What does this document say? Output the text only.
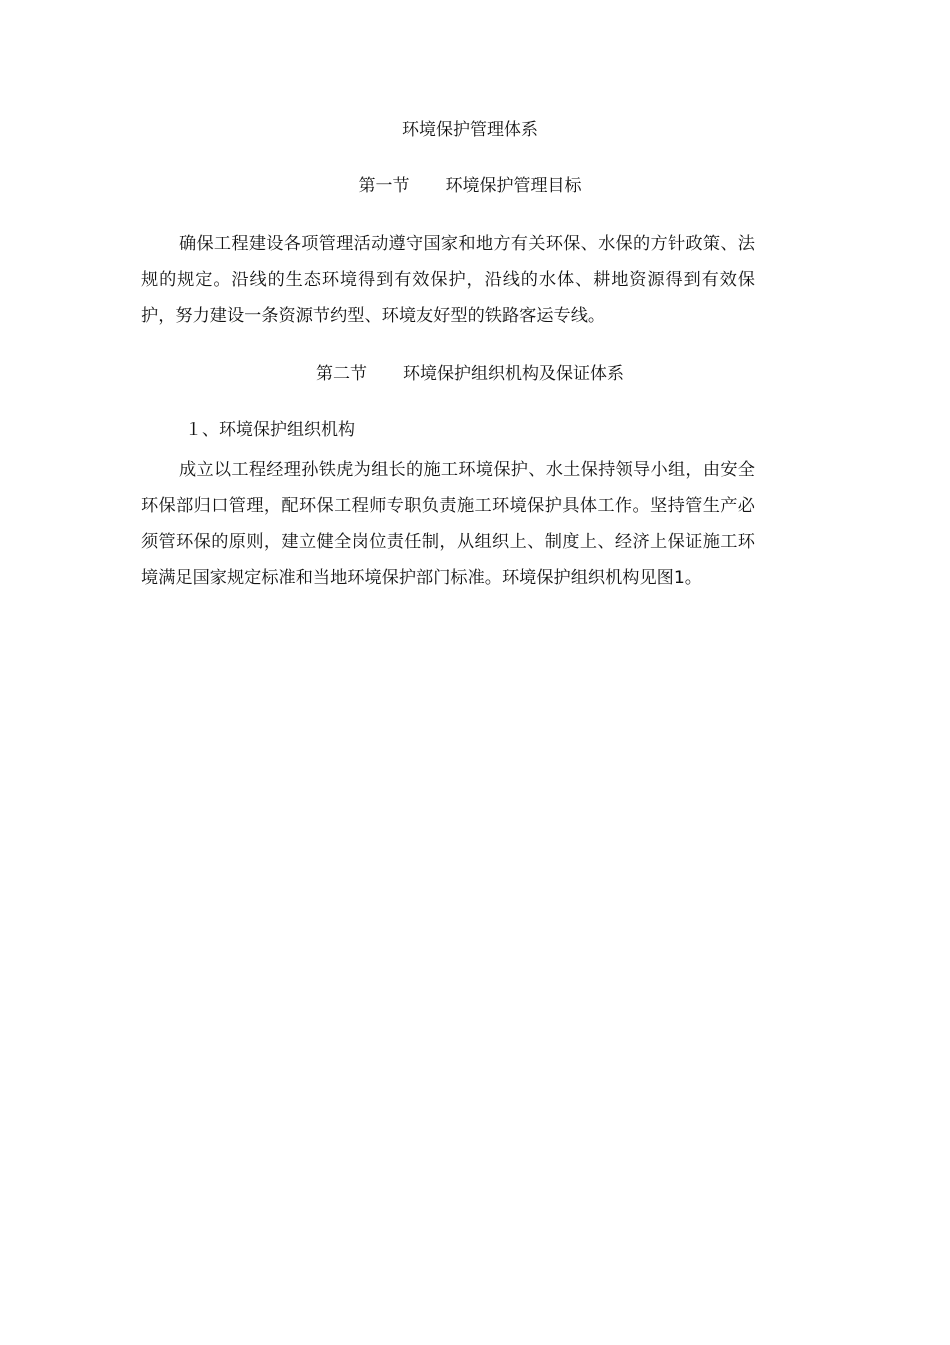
环境保护管理体系
第一节 环境保护管理目标

确保工程建设各项管理活动遵守国家和地方有关环保、水保的方针政策、法规的规定。沿线的生态环境得到有效保护，沿线的水体、耕地资源得到有效保护，努力建设一条资源节约型、环境友好型的铁路客运专线。

第二节 环境保护组织机构及保证体系
１、环境保护组织机构

成立以工程经理孙铁虎为组长的施工环境保护、水土保持领导小组，由安全环保部归口管理，配环保工程师专职负责施工环境保护具体工作。坚持管生产必须管环保的原则，建立健全岗位责任制，从组织上、制度上、经济上保证施工环境满足国家规定标准和当地环境保护部门标准。环境保护组织机构见图1。
